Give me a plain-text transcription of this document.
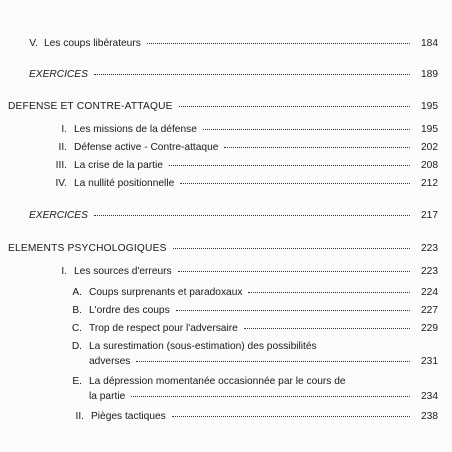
V. Les coups libérateurs	184
EXERCICES	189
DEFENSE ET CONTRE-ATTAQUE	195
I. Les missions de la défense	195
II. Défense active - Contre-attaque	202
III. La crise de la partie	208
IV. La nullité positionnelle	212
EXERCICES	217
ELEMENTS PSYCHOLOGIQUES	223
I. Les sources d'erreurs	223
A. Coups surprenants et paradoxaux	224
B. L'ordre des coups	227
C. Trop de respect pour l'adversaire	229
D. La surestimation (sous-estimation) des possibilités
adverses	231
E. La dépression momentanée occasionnée par le cours de
la partie	234
II. Pièges tactiques	238
